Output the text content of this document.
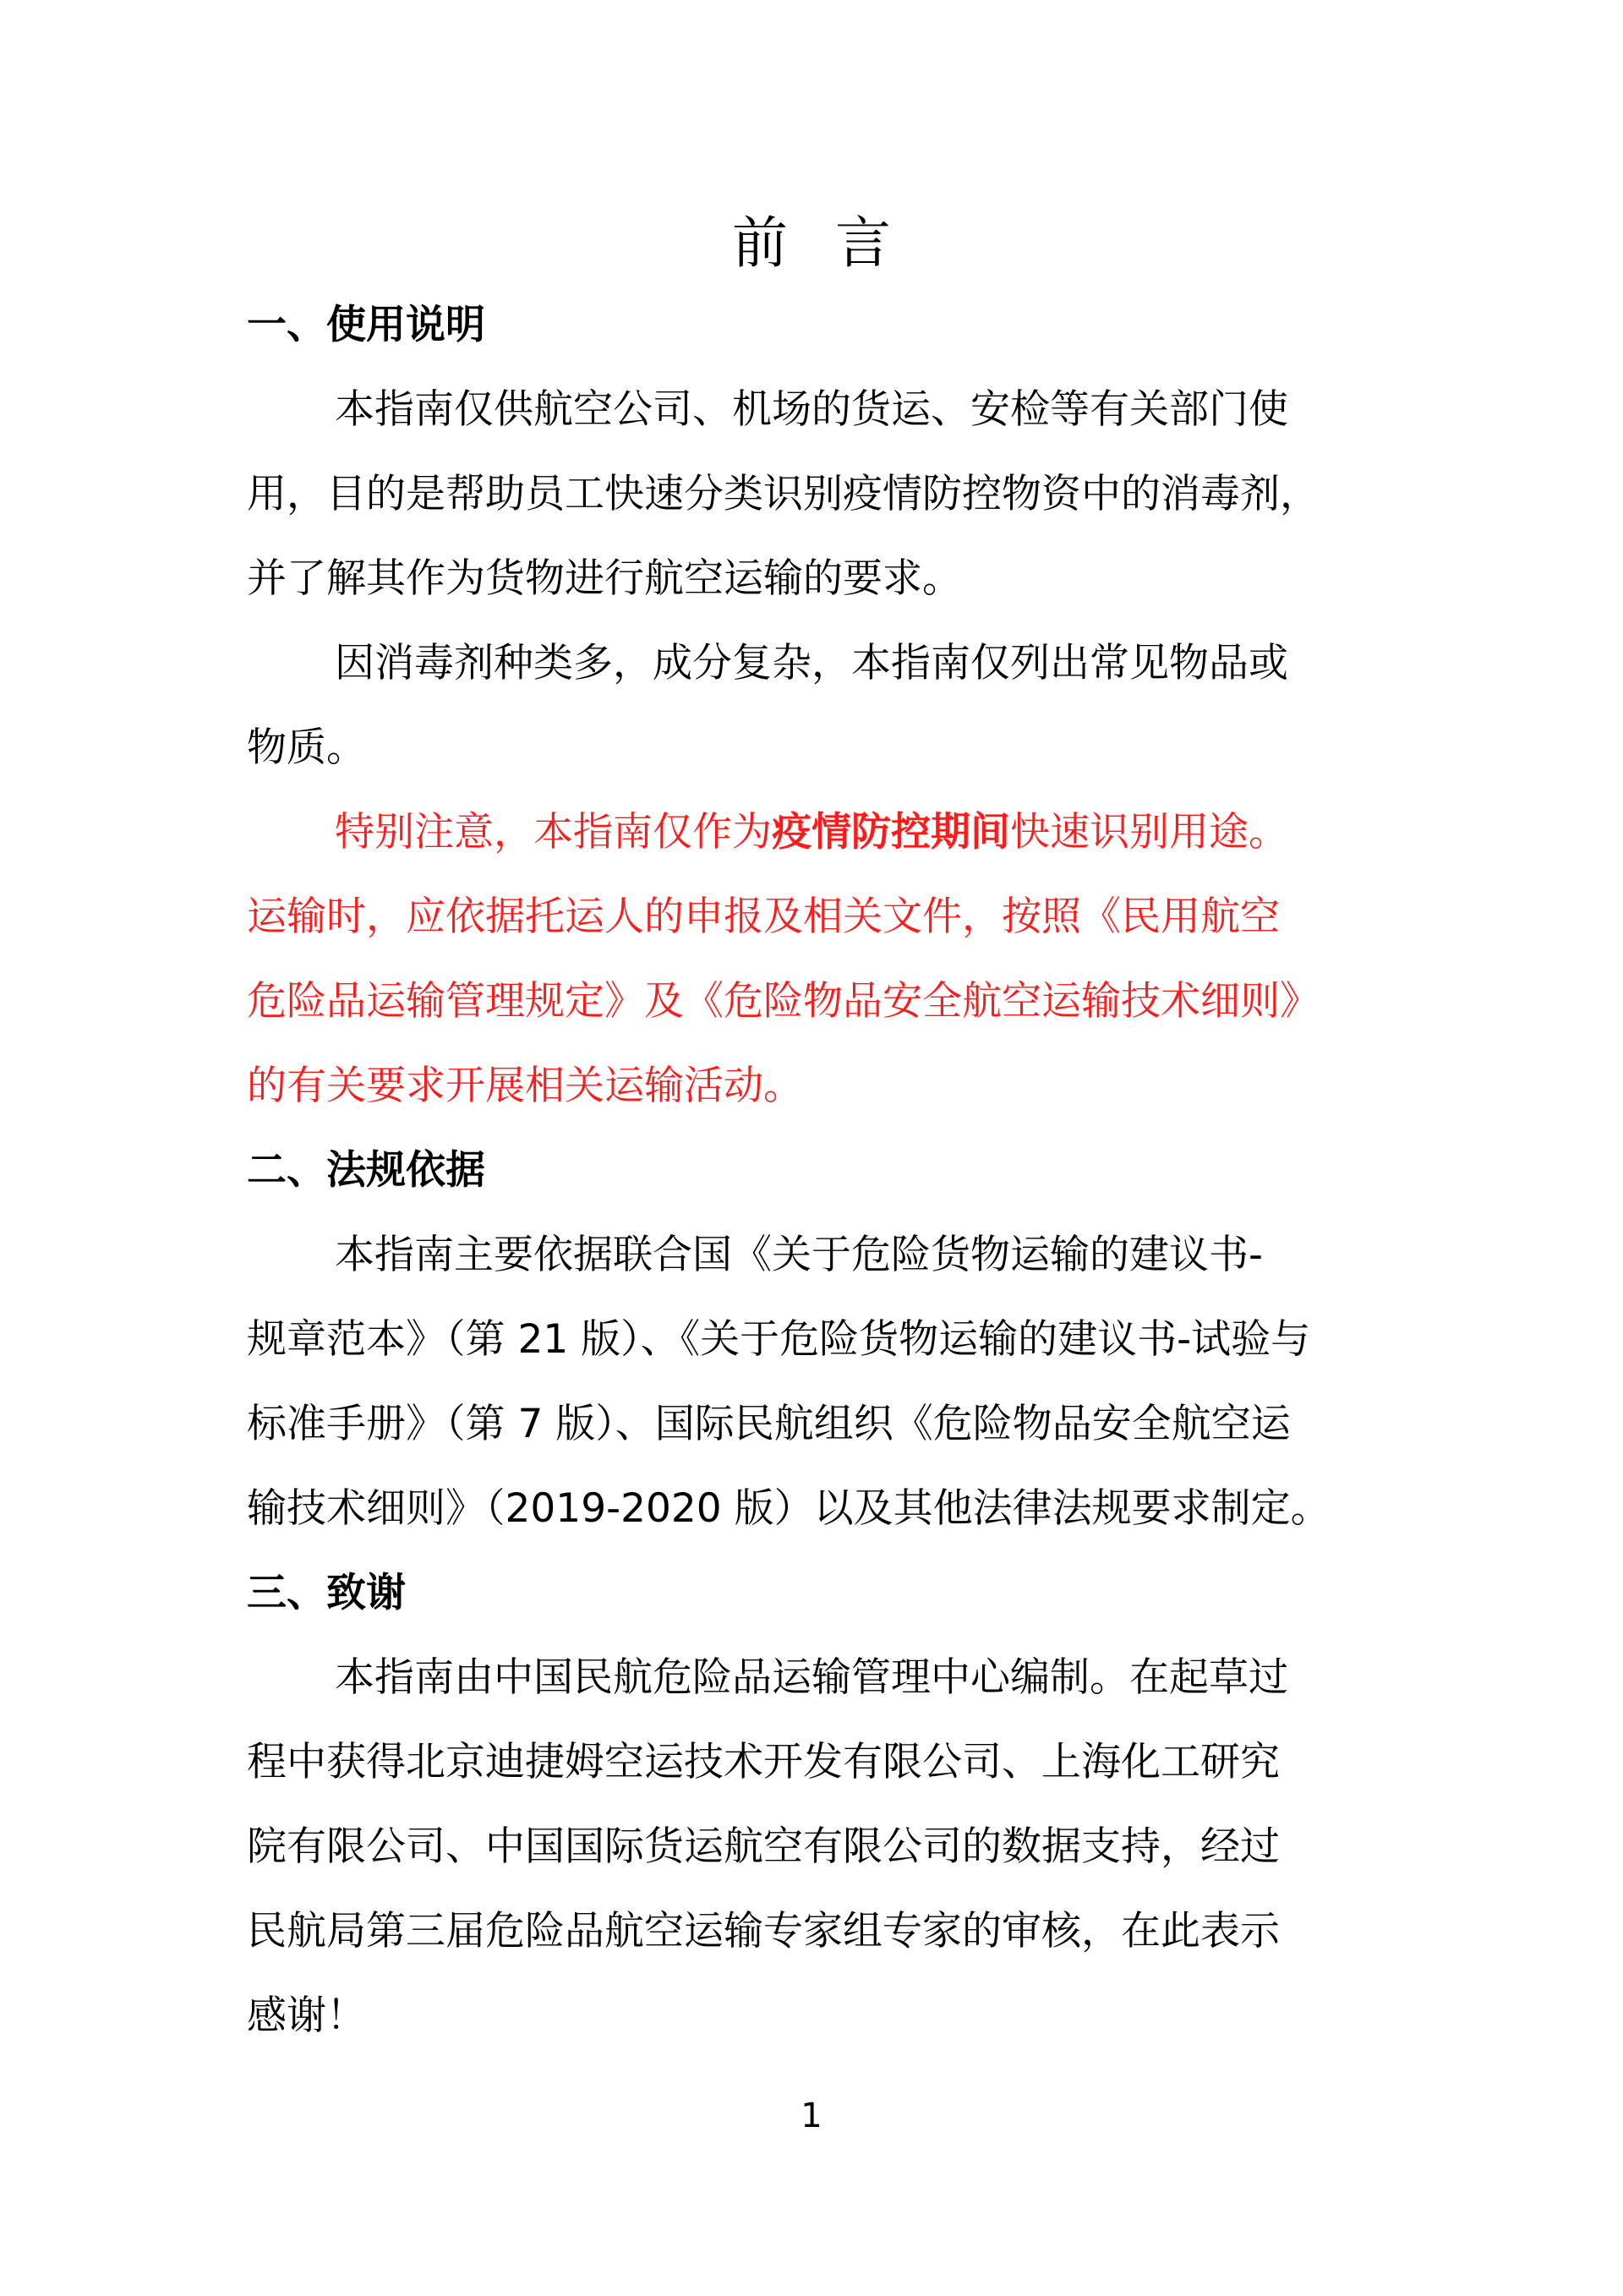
前言
一、使用说明
本指南仅供航空公司、机场的货运、安检等有关部门使
用，目的是帮助员工快速分类识别疫情防控物资中的消毒剂，
并了解其作为货物进行航空运输的要求。
因消毒剂种类多，成分复杂，本指南仅列出常见物品或
物质。
特别注意，本指南仅作为疫情防控期间快速识别用途。
运输时，应依据托运人的申报及相关文件，按照《民用航空
危险品运输管理规定》及《危险物品安全航空运输技术细则》
的有关要求开展相关运输活动。
二、法规依据
本指南主要依据联合国《关于危险货物运输的建议书-
规章范本》（第 21 版）、《关于危险货物运输的建议书-试验与
标准手册》（第 7 版）、国际民航组织《危险物品安全航空运
输技术细则》（2019-2020 版）以及其他法律法规要求制定。
三、致谢
本指南由中国民航危险品运输管理中心编制。在起草过
程中获得北京迪捷姆空运技术开发有限公司、上海化工研究
院有限公司、中国国际货运航空有限公司的数据支持，经过
民航局第三届危险品航空运输专家组专家的审核，在此表示
感谢！
1
